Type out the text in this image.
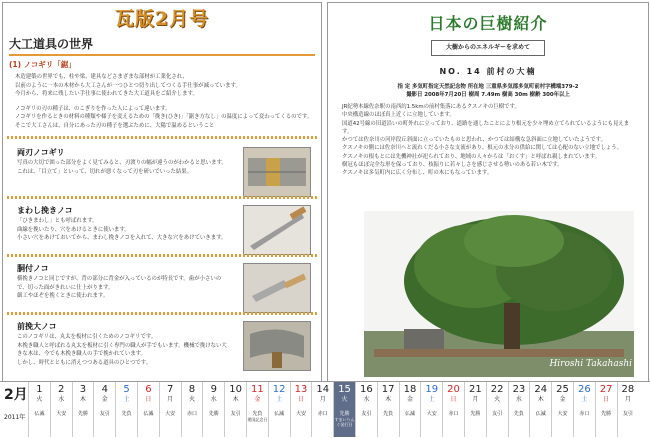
瓦版2月号
大工道具の世界
(1) ノコギリ「鋸」
木造建築の世界でも、柱や梁、建具などさまざまな部材が工業化され、
以前のように一本の木材から大工さんが一つひとつ切り出してつくる手仕事が減っています。
今月から、将来に残したい手仕事に使われてきた大工道具をご紹介します。
ノコギリの刃の種子は、のこぎりを作った人によって違います。
ノコギリを作るときの材料の種類や様子を変えるための「挽き(ひき)」「鋸き方なし」の温度によって変わってくるのです。そこで大工さんは、自分にあった刃の種子を選ぶために、大陽で温めるということ
両刃ノコギリ
写真の大切で囲った部分をよく見てみると、刃渡りの幅が違うのがわかると思います。
これは、「目立て」といって、切れが悪くなって刃を研いでいった結果。
まわし挽きノコ
「ひきまわし」とも呼ばれます。
曲線を挽いたり、穴をあけるときに使います。
小さい穴をあけておいてから、まわし挽きノコを入れて、大きな穴をあけていきます。
胴付ノコ
横挽きノコと同じですが、背の部分に背金が入っているのが特長です。歯が小さいので、切った面がきれいに仕上がります。
細工やほぞを挽くときに使われます。
前挽大ノコ
このノコギリは、丸太を板材に引くためのノコギリです。
木挽き職人と呼ばれる丸太を板材に引く専門の職人が手でもいます。機械で挽けない大きな木は、今でも木挽き職人の手で挽かれています。
しかし、時代とともに消えつつある道具のひとつです。
日本の巨樹紹介
大樹からのエネルギーを求めて
NO. 14 前村の大楠
指 定 多気町指定天然記念物 所在地 三重県多気郡多気町前村字構端379-2
撮影日 2008年7月20日 樹周 7.49m 樹高 30m 樹齢 300年以上
JR紀勢本線佐奈駅の南西約1.5kmの前村集落にあるクスノキの巨樹です。
中央構造線のほぼ真上近くに立地しています。
国道42号線の旧道沿いの町外れに立っており、道路を通したことにより根元を少々埋め立てられているようにも見えます。
かつては佐奈川の河岸段丘斜面に立っていたものと思われ、かつては結構な急斜面に立地していたようです。
クスノキの側には佐奈川へと流れくだる小さな支流があり、根元の水分の供給に関しては心配のない立地でしょう。
クスノキの根もとには先機神社が祀られており、地域の人々からは「おくす」と呼ばれ親しまれています。
樹冠もほぼ完全な形を保っており、枝振りに若々しさを感じさせる勢いのある若い木です。
クスノキは多気町内に広く分布し、町の木にもなっています。
Hiroshi Takahashi
2月
2011年
1
火
仏滅
2
水
大安
3
木
先勝
4
金
友引
5
土
先負
6
日
仏滅
7
月
大安
8
火
赤口
9
水
先勝
10
木
友引
11
金
先負
建国記念日
12
土
仏滅
13
日
大安
14
月
赤口
15
火
先勝
すまいりんぐ発行日
16
水
友引
17
木
先負
18
金
仏滅
19
土
大安
20
日
赤口
21
月
先勝
22
火
友引
23
水
先負
24
木
仏滅
25
金
大安
26
土
赤口
27
日
先勝
28
月
友引
